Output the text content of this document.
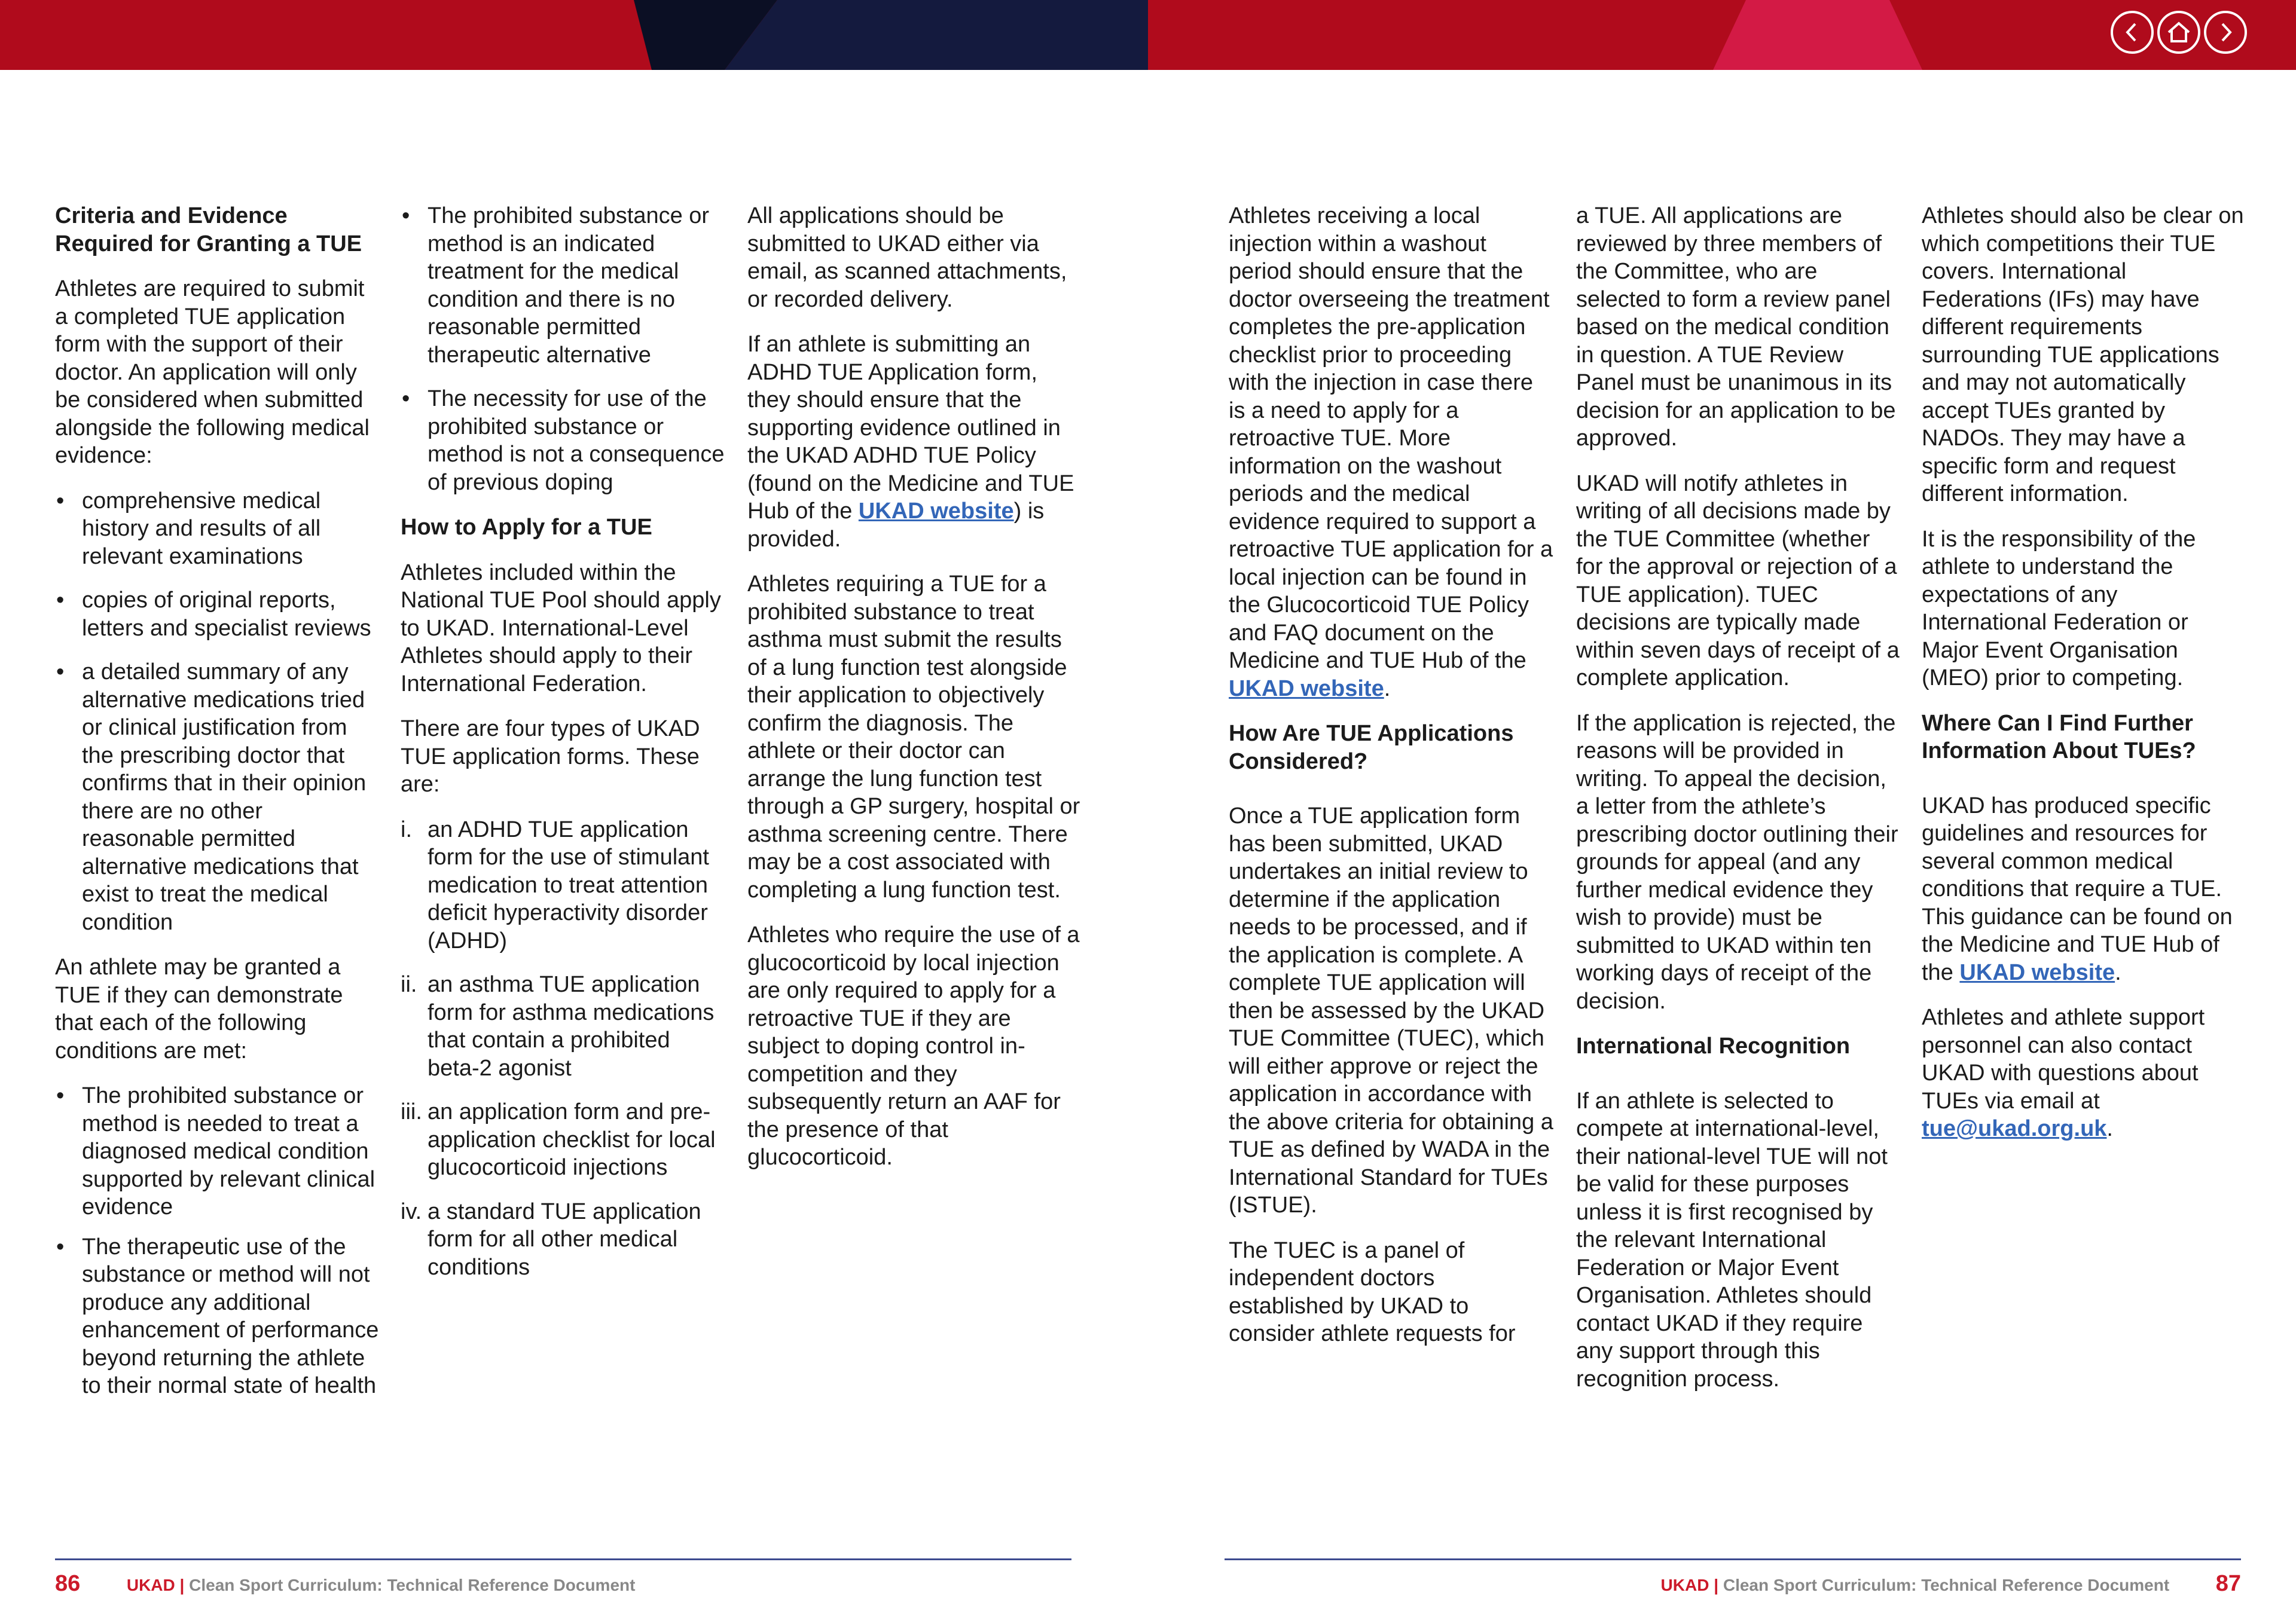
Criteria and Evidence Required for Granting a TUE

Athletes are required to submit a completed TUE application form with the support of their doctor. An application will only be considered when submitted alongside the following medical evidence:

• comprehensive medical history and results of all relevant examinations
• copies of original reports, letters and specialist reviews
• a detailed summary of any alternative medications tried or clinical justification from the prescribing doctor that confirms that in their opinion there are no other reasonable permitted alternative medications that exist to treat the medical condition

An athlete may be granted a TUE if they can demonstrate that each of the following conditions are met:

• The prohibited substance or method is needed to treat a diagnosed medical condition supported by relevant clinical evidence
• The therapeutic use of the substance or method will not produce any additional enhancement of performance beyond returning the athlete to their normal state of health
• The prohibited substance or method is an indicated treatment for the medical condition and there is no reasonable permitted therapeutic alternative
• The necessity for use of the prohibited substance or method is not a consequence of previous doping
How to Apply for a TUE

Athletes included within the National TUE Pool should apply to UKAD. International-Level Athletes should apply to their International Federation.

There are four types of UKAD TUE application forms. These are:

i. an ADHD TUE application form for the use of stimulant medication to treat attention deficit hyperactivity disorder (ADHD)
ii. an asthma TUE application form for asthma medications that contain a prohibited beta-2 agonist
iii. an application form and pre-application checklist for local glucocorticoid injections
iv. a standard TUE application form for all other medical conditions

All applications should be submitted to UKAD either via email, as scanned attachments, or recorded delivery.

If an athlete is submitting an ADHD TUE Application form, they should ensure that the supporting evidence outlined in the UKAD ADHD TUE Policy (found on the Medicine and TUE Hub of the UKAD website) is provided.

Athletes requiring a TUE for a prohibited substance to treat asthma must submit the results of a lung function test alongside their application to objectively confirm the diagnosis. The athlete or their doctor can arrange the lung function test through a GP surgery, hospital or asthma screening centre. There may be a cost associated with completing a lung function test.

Athletes who require the use of a glucocorticoid by local injection are only required to apply for a retroactive TUE if they are subject to doping control in-competition and they subsequently return an AAF for the presence of that glucocorticoid.

Athletes receiving a local injection within a washout period should ensure that the doctor overseeing the treatment completes the pre-application checklist prior to proceeding with the injection in case there is a need to apply for a retroactive TUE. More information on the washout periods and the medical evidence required to support a retroactive TUE application for a local injection can be found in the Glucocorticoid TUE Policy and FAQ document on the Medicine and TUE Hub of the UKAD website.

How Are TUE Applications Considered?

Once a TUE application form has been submitted, UKAD undertakes an initial review to determine if the application needs to be processed, and if the application is complete. A complete TUE application will then be assessed by the UKAD TUE Committee (TUEC), which will either approve or reject the application in accordance with the above criteria for obtaining a TUE as defined by WADA in the International Standard for TUEs (ISTUE).

The TUEC is a panel of independent doctors established by UKAD to consider athlete requests for

a TUE. All applications are reviewed by three members of the Committee, who are selected to form a review panel based on the medical condition in question. A TUE Review Panel must be unanimous in its decision for an application to be approved.

UKAD will notify athletes in writing of all decisions made by the TUE Committee (whether for the approval or rejection of a TUE application). TUEC decisions are typically made within seven days of receipt of a complete application.

If the application is rejected, the reasons will be provided in writing. To appeal the decision, a letter from the athlete’s prescribing doctor outlining their grounds for appeal (and any further medical evidence they wish to provide) must be submitted to UKAD within ten working days of receipt of the decision.

International Recognition

If an athlete is selected to compete at international-level, their national-level TUE will not be valid for these purposes unless it is first recognised by the relevant International Federation or Major Event Organisation. Athletes should contact UKAD if they require any support through this recognition process.

Athletes should also be clear on which competitions their TUE covers. International Federations (IFs) may have different requirements surrounding TUE applications and may not automatically accept TUEs granted by NADOs. They may have a specific form and request different information.

It is the responsibility of the athlete to understand the expectations of any International Federation or Major Event Organisation (MEO) prior to competing.

Where Can I Find Further Information About TUEs?

UKAD has produced specific guidelines and resources for several common medical conditions that require a TUE. This guidance can be found on the Medicine and TUE Hub of the UKAD website.

Athletes and athlete support personnel can also contact UKAD with questions about TUEs via email at tue@ukad.org.uk.

86	UKAD | Clean Sport Curriculum: Technical Reference Document	UKAD | Clean Sport Curriculum: Technical Reference Document 87
